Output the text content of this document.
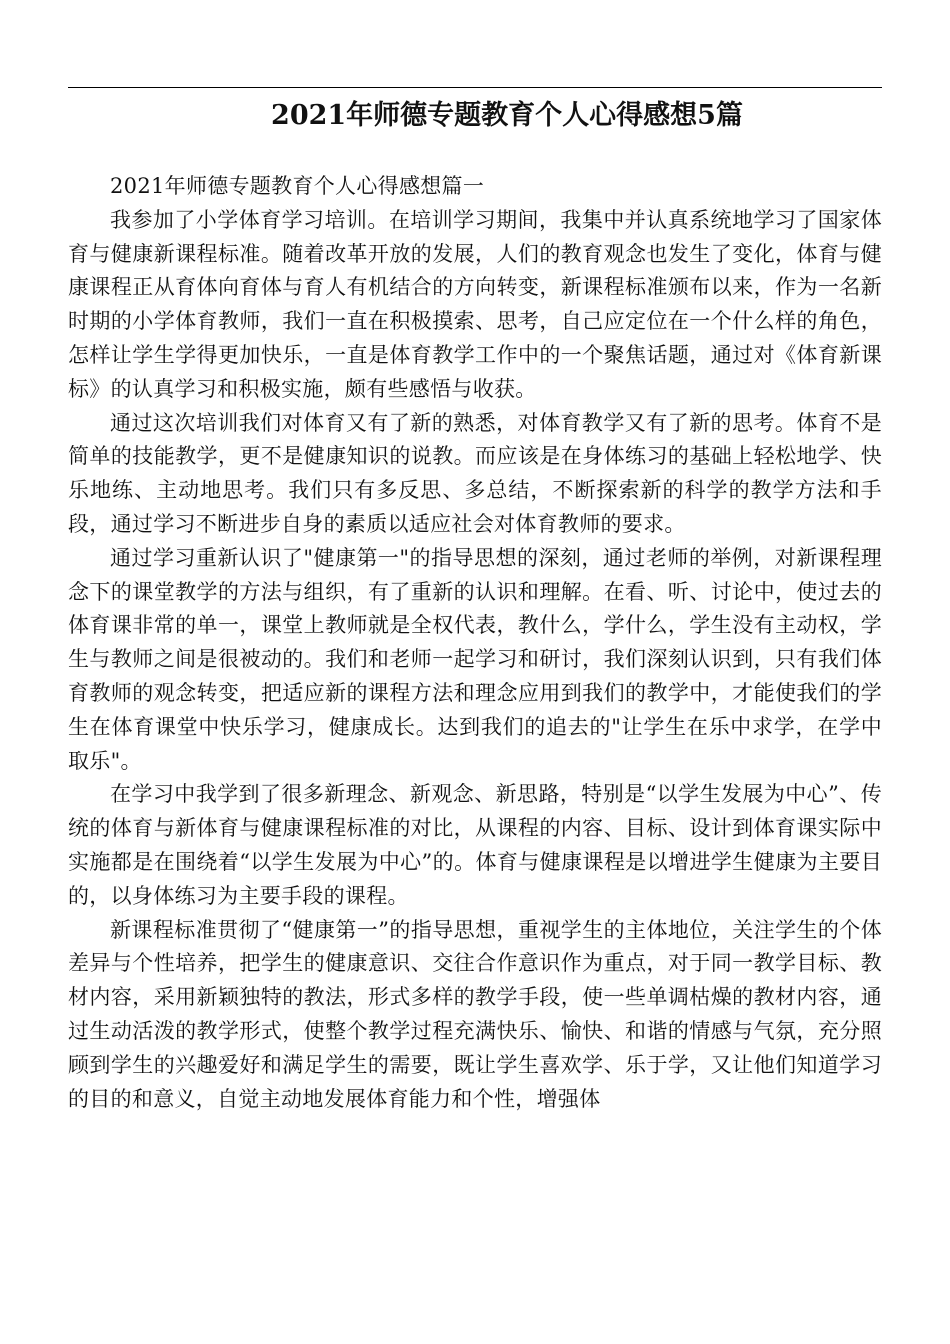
2021年师德专题教育个人心得感想5篇

2021年师德专题教育个人心得感想篇一

我参加了小学体育学习培训。在培训学习期间，我集中并认真系统地学习了国家体育与健康新课程标准。随着改革开放的发展，人们的教育观念也发生了变化，体育与健康课程正从育体向育体与育人有机结合的方向转变，新课程标准颁布以来，作为一名新时期的小学体育教师，我们一直在积极摸索、思考，自己应定位在一个什么样的角色，怎样让学生学得更加快乐，一直是体育教学工作中的一个聚焦话题，通过对《体育新课标》的认真学习和积极实施，颇有些感悟与收获。

通过这次培训我们对体育又有了新的熟悉，对体育教学又有了新的思考。体育不是简单的技能教学，更不是健康知识的说教。而应该是在身体练习的基础上轻松地学、快乐地练、主动地思考。我们只有多反思、多总结，不断探索新的科学的教学方法和手段，通过学习不断进步自身的素质以适应社会对体育教师的要求。

通过学习重新认识了"健康第一"的指导思想的深刻，通过老师的举例，对新课程理念下的课堂教学的方法与组织，有了重新的认识和理解。在看、听、讨论中，使过去的体育课非常的单一，课堂上教师就是全权代表，教什么，学什么，学生没有主动权，学生与教师之间是很被动的。我们和老师一起学习和研讨，我们深刻认识到，只有我们体育教师的观念转变，把适应新的课程方法和理念应用到我们的教学中，才能使我们的学生在体育课堂中快乐学习，健康成长。达到我们的追去的"让学生在乐中求学，在学中取乐"。

在学习中我学到了很多新理念、新观念、新思路，特别是“以学生发展为中心”、传统的体育与新体育与健康课程标准的对比，从课程的内容、目标、设计到体育课实际中实施都是在围绕着“以学生发展为中心”的。体育与健康课程是以增进学生健康为主要目的，以身体练习为主要手段的课程。

新课程标准贯彻了“健康第一”的指导思想，重视学生的主体地位，关注学生的个体差异与个性培养，把学生的健康意识、交往合作意识作为重点，对于同一教学目标、教材内容，采用新颖独特的教法，形式多样的教学手段，使一些单调枯燥的教材内容，通过生动活泼的教学形式，使整个教学过程充满快乐、愉快、和谐的情感与气氛，充分照顾到学生的兴趣爱好和满足学生的需要，既让学生喜欢学、乐于学，又让他们知道学习的目的和意义，自觉主动地发展体育能力和个性，增强体
